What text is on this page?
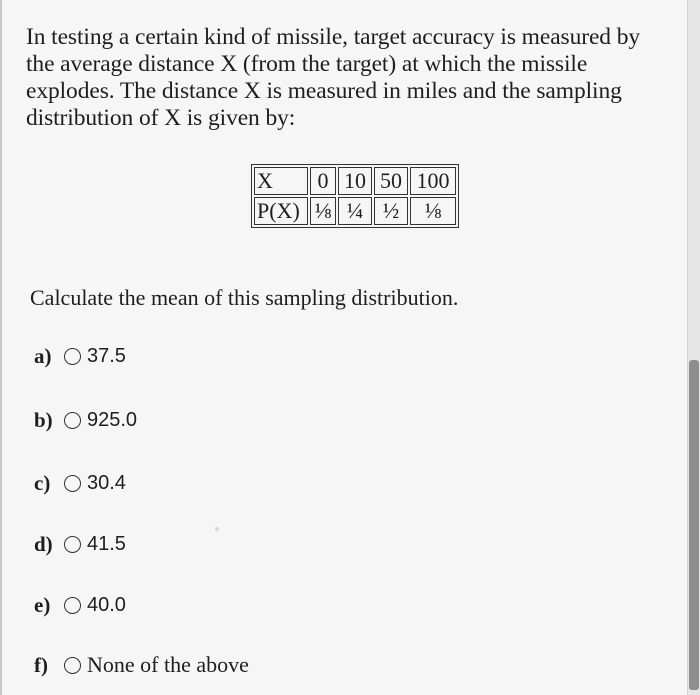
In testing a certain kind of missile, target accuracy is measured by the average distance X (from the target) at which the missile explodes. The distance X is measured in miles and the sampling distribution of X is given by:

X	0	10	50	100
P(X)	⅛	¼	½	⅛

Calculate the mean of this sampling distribution.

a)	37.5
b)	925.0
c)	30.4
d)	41.5
e)	40.0
f)	None of the above
